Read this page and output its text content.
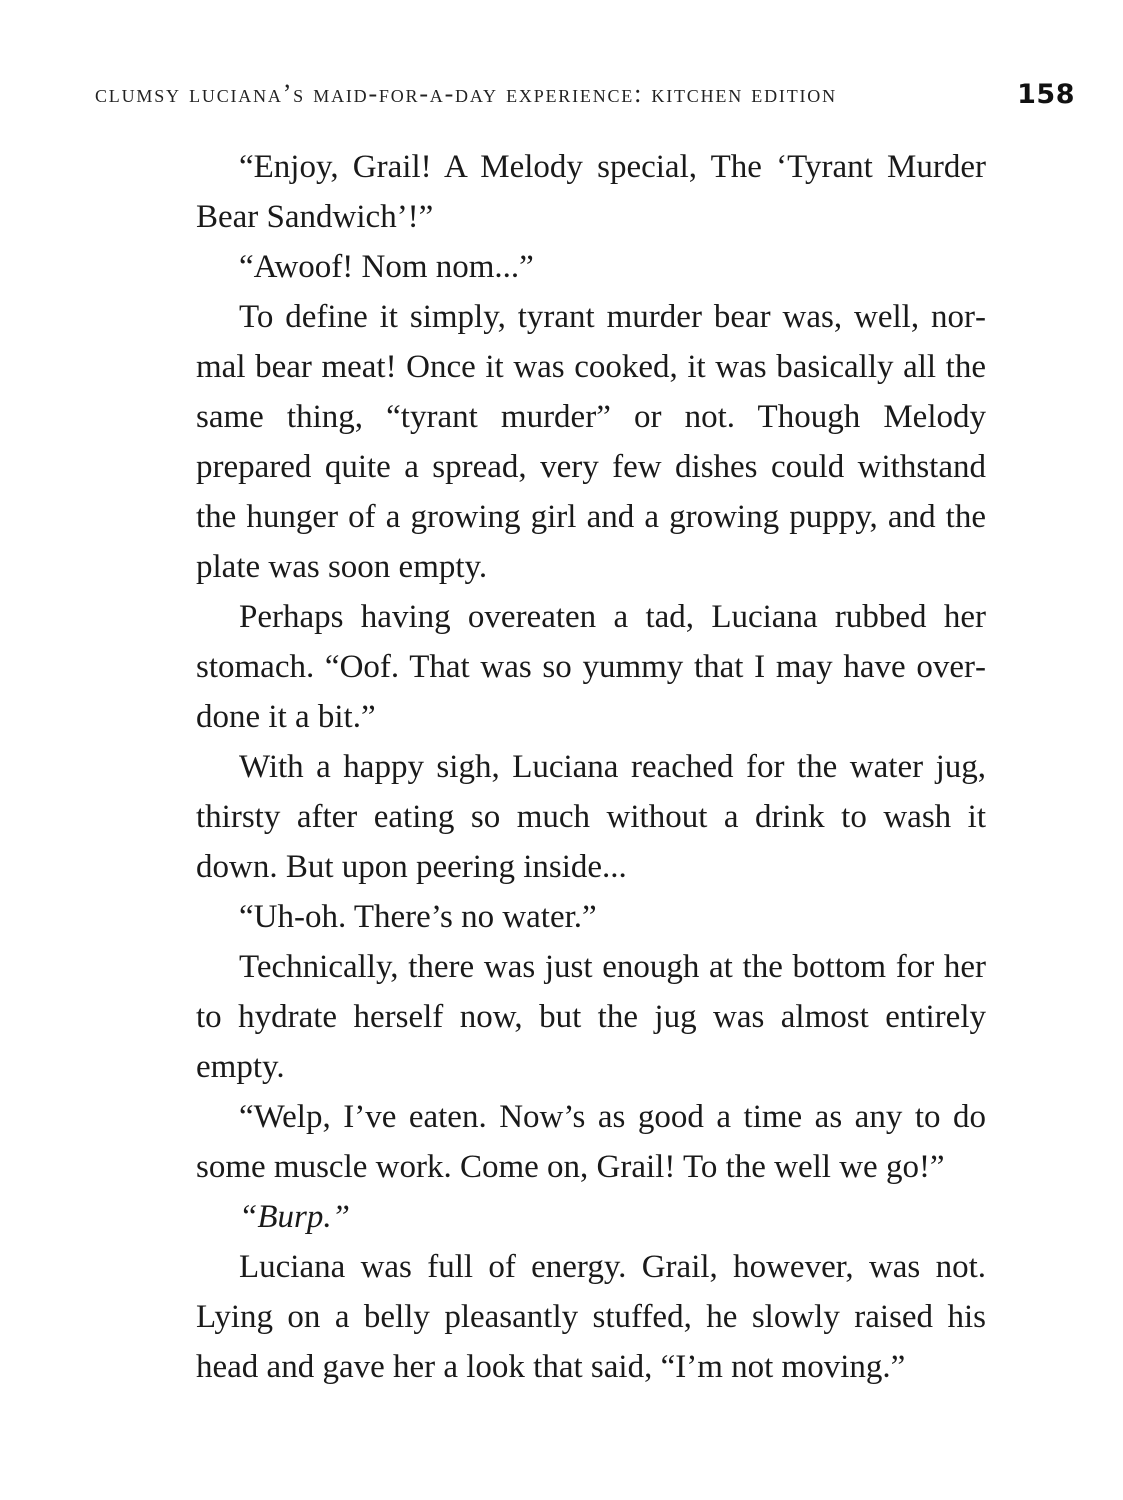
clumsy luciana’s maid-for-a-day experience: kitchen edition	158

“Enjoy, Grail! A Melody special, The ‘Tyrant Murder Bear Sandwich’!”

“Awoof! Nom nom...”

To define it simply, tyrant murder bear was, well, normal bear meat! Once it was cooked, it was basically all the same thing, “tyrant murder” or not. Though Melody prepared quite a spread, very few dishes could withstand the hunger of a growing girl and a growing puppy, and the plate was soon empty.

Perhaps having overeaten a tad, Luciana rubbed her stomach. “Oof. That was so yummy that I may have overdone it a bit.”

With a happy sigh, Luciana reached for the water jug, thirsty after eating so much without a drink to wash it down. But upon peering inside...

“Uh-oh. There’s no water.”

Technically, there was just enough at the bottom for her to hydrate herself now, but the jug was almost entirely empty.

“Welp, I’ve eaten. Now’s as good a time as any to do some muscle work. Come on, Grail! To the well we go!”

“Burp.”

Luciana was full of energy. Grail, however, was not. Lying on a belly pleasantly stuffed, he slowly raised his head and gave her a look that said, “I’m not moving.”
